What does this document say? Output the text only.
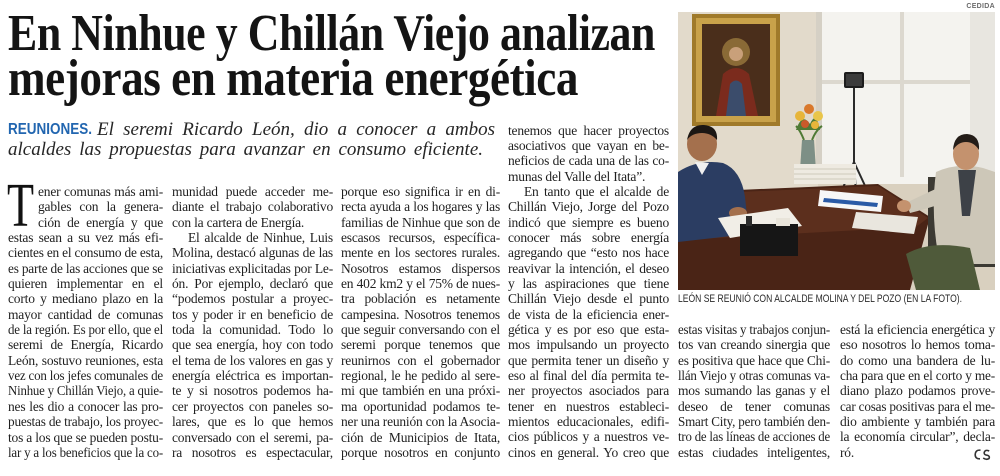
En Ninhue y Chillán Viejo analizan
mejoras en materia energética
REUNIONES. El seremi Ricardo León, dio a conocer a ambos
alcaldes las propuestas para avanzar en consumo eficiente.
T ener comunas más ami-
gables con la genera-
ción de energía y que
estas sean a su vez más efi-
cientes en el consumo de esta,
es parte de las acciones que se
quieren implementar en el
corto y mediano plazo en la
mayor cantidad de comunas
de la región. Es por ello, que el
seremi de Energía, Ricardo
León, sostuvo reuniones, esta
vez con los jefes comunales de
Ninhue y Chillán Viejo, a quie-
nes les dio a conocer las pro-
puestas de trabajo, los proyec-
tos a los que se pueden postu-
lar y a los beneficios que la co-
munidad puede acceder me-
diante el trabajo colaborativo
con la cartera de Energía.
El alcalde de Ninhue, Luis
Molina, destacó algunas de las
iniciativas explicitadas por Le-
ón. Por ejemplo, declaró que
“podemos postular a proyec-
tos y poder ir en beneficio de
toda la comunidad. Todo lo
que sea energía, hoy con todo
el tema de los valores en gas y
energía eléctrica es importan-
te y si nosotros podemos ha-
cer proyectos con paneles so-
lares, que es lo que hemos
conversado con el seremi, pa-
ra nosotros es espectacular,
porque eso significa ir en di-
recta ayuda a los hogares y las
familias de Ninhue que son de
escasos recursos, específica-
mente en los sectores rurales.
Nosotros estamos dispersos
en 402 km2 y el 75% de nues-
tra población es netamente
campesina. Nosotros tenemos
que seguir conversando con el
seremi porque tenemos que
reunirnos con el gobernador
regional, le he pedido al sere-
mi que también en una próxi-
ma oportunidad podamos te-
ner una reunión con la Asocia-
ción de Municipios de Itata,
porque nosotros en conjunto
tenemos que hacer proyectos
asociativos que vayan en be-
neficios de cada una de las co-
munas del Valle del Itata”.
En tanto que el alcalde de
Chillán Viejo, Jorge del Pozo
indicó que siempre es bueno
conocer más sobre energía
agregando que “esto nos hace
reavivar la intención, el deseo
y las aspiraciones que tiene
Chillán Viejo desde el punto
de vista de la eficiencia ener-
gética y es por eso que esta-
mos impulsando un proyecto
que permita tener un diseño y
eso al final del día permita te-
ner proyectos asociados para
tener en nuestros estableci-
mientos educacionales, edifi-
cios públicos y a nuestros ve-
cinos en general. Yo creo que
estas visitas y trabajos conjun-
tos van creando sinergia que
es positiva que hace que Chi-
llán Viejo y otras comunas va-
mos sumando las ganas y el
deseo de tener comunas
Smart City, pero también den-
tro de las líneas de acciones de
estas ciudades inteligentes,
está la eficiencia energética y
eso nosotros lo hemos toma-
do como una bandera de lu-
cha para que en el corto y me-
diano plazo podamos prove-
car cosas positivas para el me-
dio ambiente y también para
la economía circular”, decla-
ró.
CEDIDA
LEÓN SE REUNIÓ CON ALCALDE MOLINA Y DEL POZO (EN LA FOTO).
